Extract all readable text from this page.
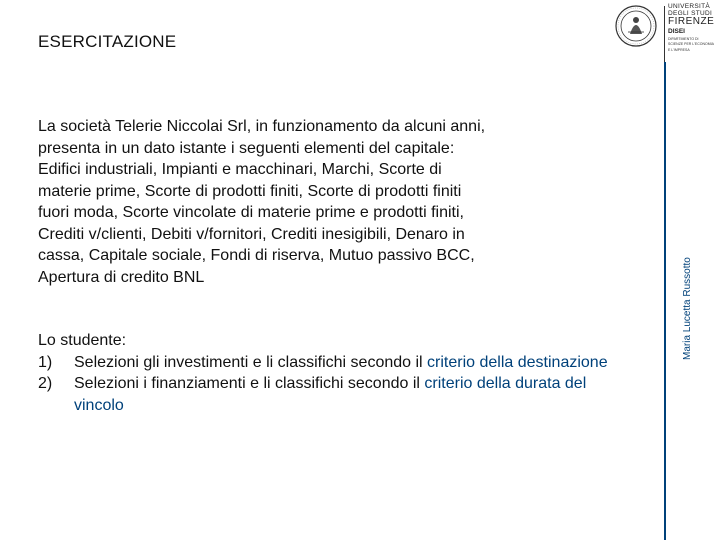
ESERCITAZIONE
UNIVERSITÀ
DEGLI STUDI
FIRENZE
DISEI
DIPARTIMENTO DI
SCIENZE PER L'ECONOMIA
E L'IMPRESA
Maria Lucetta Russotto

La società Telerie Niccolai Srl, in funzionamento da alcuni anni,
presenta in un dato istante i seguenti elementi del capitale:
Edifici industriali, Impianti e macchinari, Marchi, Scorte di
materie prime, Scorte di prodotti finiti, Scorte di prodotti finiti
fuori moda, Scorte vincolate di materie prime e prodotti finiti,
Crediti v/clienti, Debiti v/fornitori, Crediti inesigibili, Denaro in
cassa, Capitale sociale, Fondi di riserva, Mutuo passivo BCC,
Apertura di credito BNL

Lo studente:
1) Selezioni gli investimenti e li classifichi secondo il criterio della destinazione
2) Selezioni i finanziamenti e li classifichi secondo il criterio della durata del vincolo
